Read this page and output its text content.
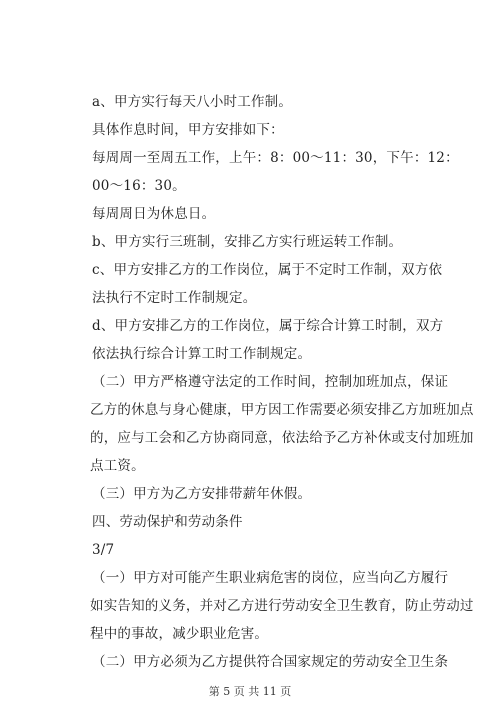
a、甲方实行每天八小时工作制。
具体作息时间，甲方安排如下：
每周周一至周五工作，上午：8：00～11：30，下午：12：
00～16：30。
每周周日为休息日。
b、甲方实行三班制，安排乙方实行班运转工作制。
c、甲方安排乙方的工作岗位，属于不定时工作制，双方依
法执行不定时工作制规定。
d、甲方安排乙方的工作岗位，属于综合计算工时制，双方
依法执行综合计算工时工作制规定。
（二）甲方严格遵守法定的工作时间，控制加班加点，保证
乙方的休息与身心健康，甲方因工作需要必须安排乙方加班加点
的，应与工会和乙方协商同意，依法给予乙方补休或支付加班加
点工资。
（三）甲方为乙方安排带薪年休假。
四、劳动保护和劳动条件
3/7
（一）甲方对可能产生职业病危害的岗位，应当向乙方履行
如实告知的义务，并对乙方进行劳动安全卫生教育，防止劳动过
程中的事故，减少职业危害。
（二）甲方必须为乙方提供符合国家规定的劳动安全卫生条
第 5 页 共 11 页
